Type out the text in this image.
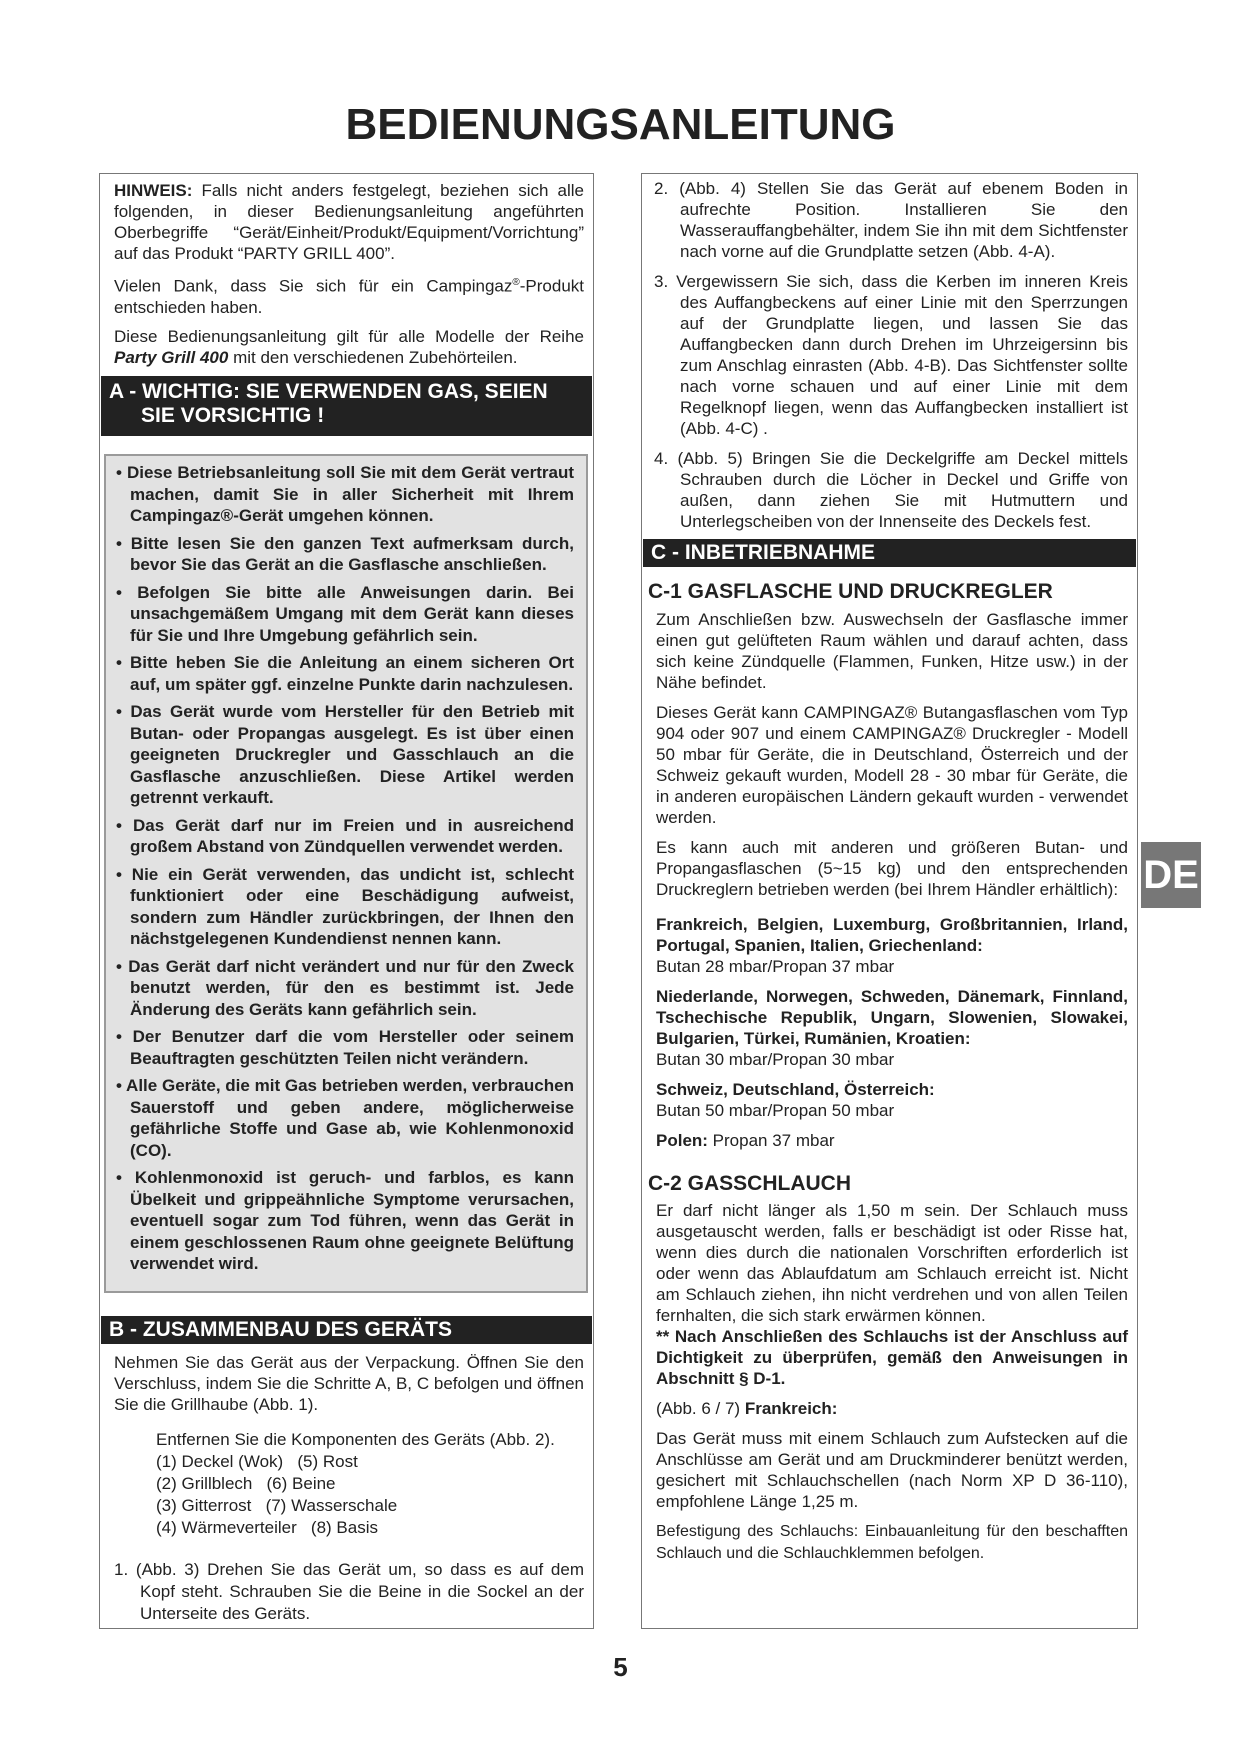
BEDIENUNGSANLEITUNG

HINWEIS: Falls nicht anders festgelegt, beziehen sich alle folgenden, in dieser Bedienungsanleitung angeführten Oberbegriffe “Gerät/Einheit/Produkt/Equipment/Vorrichtung” auf das Produkt “PARTY GRILL 400”.

Vielen Dank, dass Sie sich für ein Campingaz®-Produkt entschieden haben.

Diese Bedienungsanleitung gilt für alle Modelle der Reihe Party Grill 400 mit den verschiedenen Zubehörteilen.

A - WICHTIG: SIE VERWENDEN GAS, SEIEN
SIE VORSICHTIG !

• Diese Betriebsanleitung soll Sie mit dem Gerät vertraut machen, damit Sie in aller Sicherheit mit Ihrem Campingaz®-Gerät umgehen können.

• Bitte lesen Sie den ganzen Text aufmerksam durch, bevor Sie das Gerät an die Gasflasche anschließen.

• Befolgen Sie bitte alle Anweisungen darin. Bei unsachgemäßem Umgang mit dem Gerät kann dieses für Sie und Ihre Umgebung gefährlich sein.

• Bitte heben Sie die Anleitung an einem sicheren Ort auf, um später ggf. einzelne Punkte darin nachzulesen.

• Das Gerät wurde vom Hersteller für den Betrieb mit Butan- oder Propangas ausgelegt. Es ist über einen geeigneten Druckregler und Gasschlauch an die Gasflasche anzuschließen. Diese Artikel werden getrennt verkauft.

• Das Gerät darf nur im Freien und in ausreichend großem Abstand von Zündquellen verwendet werden.

• Nie ein Gerät verwenden, das undicht ist, schlecht funktioniert oder eine Beschädigung aufweist, sondern zum Händler zurückbringen, der Ihnen den nächstgelegenen Kundendienst nennen kann.

• Das Gerät darf nicht verändert und nur für den Zweck benutzt werden, für den es bestimmt ist. Jede Änderung des Geräts kann gefährlich sein.

• Der Benutzer darf die vom Hersteller oder seinem Beauftragten geschützten Teilen nicht verändern.

• Alle Geräte, die mit Gas betrieben werden, verbrauchen Sauerstoff und geben andere, möglicherweise gefährliche Stoffe und Gase ab, wie Kohlenmonoxid (CO).

• Kohlenmonoxid ist geruch- und farblos, es kann Übelkeit und grippeähnliche Symptome verursachen, eventuell sogar zum Tod führen, wenn das Gerät in einem geschlossenen Raum ohne geeignete Belüftung verwendet wird.

B - ZUSAMMENBAU DES GERÄTS

Nehmen Sie das Gerät aus der Verpackung. Öffnen Sie den Verschluss, indem Sie die Schritte A, B, C befolgen und öffnen Sie die Grillhaube (Abb. 1).

Entfernen Sie die Komponenten des Geräts (Abb. 2).

(1) Deckel (Wok)   (5) Rost

(2) Grillblech   (6) Beine

(3) Gitterrost   (7) Wasserschale

(4) Wärmeverteiler   (8) Basis

1. (Abb. 3) Drehen Sie das Gerät um, so dass es auf dem Kopf steht. Schrauben Sie die Beine in die Sockel an der Unterseite des Geräts.

2. (Abb. 4) Stellen Sie das Gerät auf ebenem Boden in aufrechte Position. Installieren Sie den Wasserauffangbehälter, indem Sie ihn mit dem Sichtfenster nach vorne auf die Grundplatte setzen (Abb. 4-A).

3. Vergewissern Sie sich, dass die Kerben im inneren Kreis des Auffangbeckens auf einer Linie mit den Sperrzungen auf der Grundplatte liegen, und lassen Sie das Auffangbecken dann durch Drehen im Uhrzeigersinn bis zum Anschlag einrasten (Abb. 4-B). Das Sichtfenster sollte nach vorne schauen und auf einer Linie mit dem Regelknopf liegen, wenn das Auffangbecken installiert ist (Abb. 4-C) .

4. (Abb. 5) Bringen Sie die Deckelgriffe am Deckel mittels Schrauben durch die Löcher in Deckel und Griffe von außen, dann ziehen Sie mit Hutmuttern und Unterlegscheiben von der Innenseite des Deckels fest.

C - INBETRIEBNAHME

C-1 GASFLASCHE UND DRUCKREGLER

Zum Anschließen bzw. Auswechseln der Gasflasche immer einen gut gelüfteten Raum wählen und darauf achten, dass sich keine Zündquelle (Flammen, Funken, Hitze usw.) in der Nähe befindet.

Dieses Gerät kann CAMPINGAZ® Butangasflaschen vom Typ 904 oder 907 und einem CAMPINGAZ® Druckregler - Modell 50 mbar für Geräte, die in Deutschland, Österreich und der Schweiz gekauft wurden, Modell 28 - 30 mbar für Geräte, die in anderen europäischen Ländern gekauft wurden - verwendet werden.

Es kann auch mit anderen und größeren Butan- und Propangasflaschen (5~15 kg) und den entsprechenden Druckreglern betrieben werden (bei Ihrem Händler erhältlich):

Frankreich, Belgien, Luxemburg, Großbritannien, Irland, Portugal, Spanien, Italien, Griechenland:

Butan 28 mbar/Propan 37 mbar

Niederlande, Norwegen, Schweden, Dänemark, Finnland, Tschechische Republik, Ungarn, Slowenien, Slowakei, Bulgarien, Türkei, Rumänien, Kroatien:

Butan 30 mbar/Propan 30 mbar

Schweiz, Deutschland, Österreich:

Butan 50 mbar/Propan 50 mbar

Polen: Propan 37 mbar

C-2 GASSCHLAUCH

Er darf nicht länger als 1,50 m sein. Der Schlauch muss ausgetauscht werden, falls er beschädigt ist oder Risse hat, wenn dies durch die nationalen Vorschriften erforderlich ist oder wenn das Ablaufdatum am Schlauch erreicht ist. Nicht am Schlauch ziehen, ihn nicht verdrehen und von allen Teilen fernhalten, die sich stark erwärmen können.

** Nach Anschließen des Schlauchs ist der Anschluss auf Dichtigkeit zu überprüfen, gemäß den Anweisungen in Abschnitt § D-1.

(Abb. 6 / 7) Frankreich:

Das Gerät muss mit einem Schlauch zum Aufstecken auf die Anschlüsse am Gerät und am Druckminderer benützt werden, gesichert mit Schlauchschellen (nach Norm XP D 36-110), empfohlene Länge 1,25 m.

Befestigung des Schlauchs: Einbauanleitung für den beschafften Schlauch und die Schlauchklemmen befolgen.

DE
5
